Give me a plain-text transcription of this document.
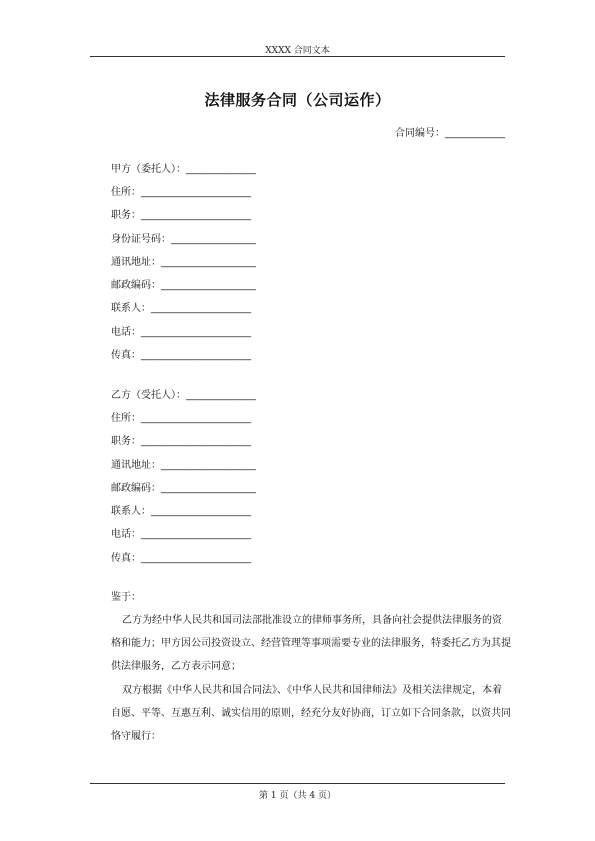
XXXX 合同文本
法律服务合同（公司运作）
合同编号：____________
甲方（委托人）：______________
住所：______________________
职务：______________________
身份证号码：_________________
通讯地址：___________________
邮政编码：___________________
联系人：____________________
电话：______________________
传真：______________________
乙方（受托人）：______________
住所：______________________
职务：______________________
通讯地址：___________________
邮政编码：___________________
联系人：____________________
电话：______________________
传真：______________________
鉴于：
乙方为经中华人民共和国司法部批准设立的律师事务所，具备向社会提供法律服务的资
格和能力；甲方因公司投资设立、经营管理等事项需要专业的法律服务，特委托乙方为其提
供法律服务，乙方表示同意；
双方根据《中华人民共和国合同法》、《中华人民共和国律师法》及相关法律规定，本着
自愿、平等、互惠互利、诚实信用的原则，经充分友好协商，订立如下合同条款，以资共同
恪守履行：
第 1 页（共 4 页）
